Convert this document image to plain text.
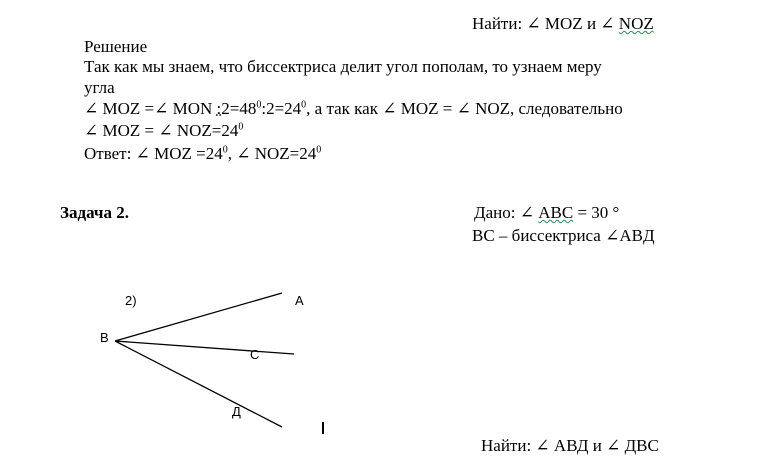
Найти: ∠ MOZ и ∠ NOZ
Решение
Так как мы знаем, что биссектриса делит угол пополам, то узнаем меру
угла
∠ MOZ =∠ MON $:2=48^0:2=24^0$, а так как ∠ MOZ = ∠ NOZ, следовательно
∠ MOZ = ∠ $NOZ=24^0$
Ответ: ∠ MOZ $=24^0$, ∠ $NOZ=24^0$
Задача 2.	Дано: ∠ ABC = 30 °
BC – биссектриса ∠ABД
2)	A
B
C
Д
Найти: ∠ AВД и ∠ ДВС
